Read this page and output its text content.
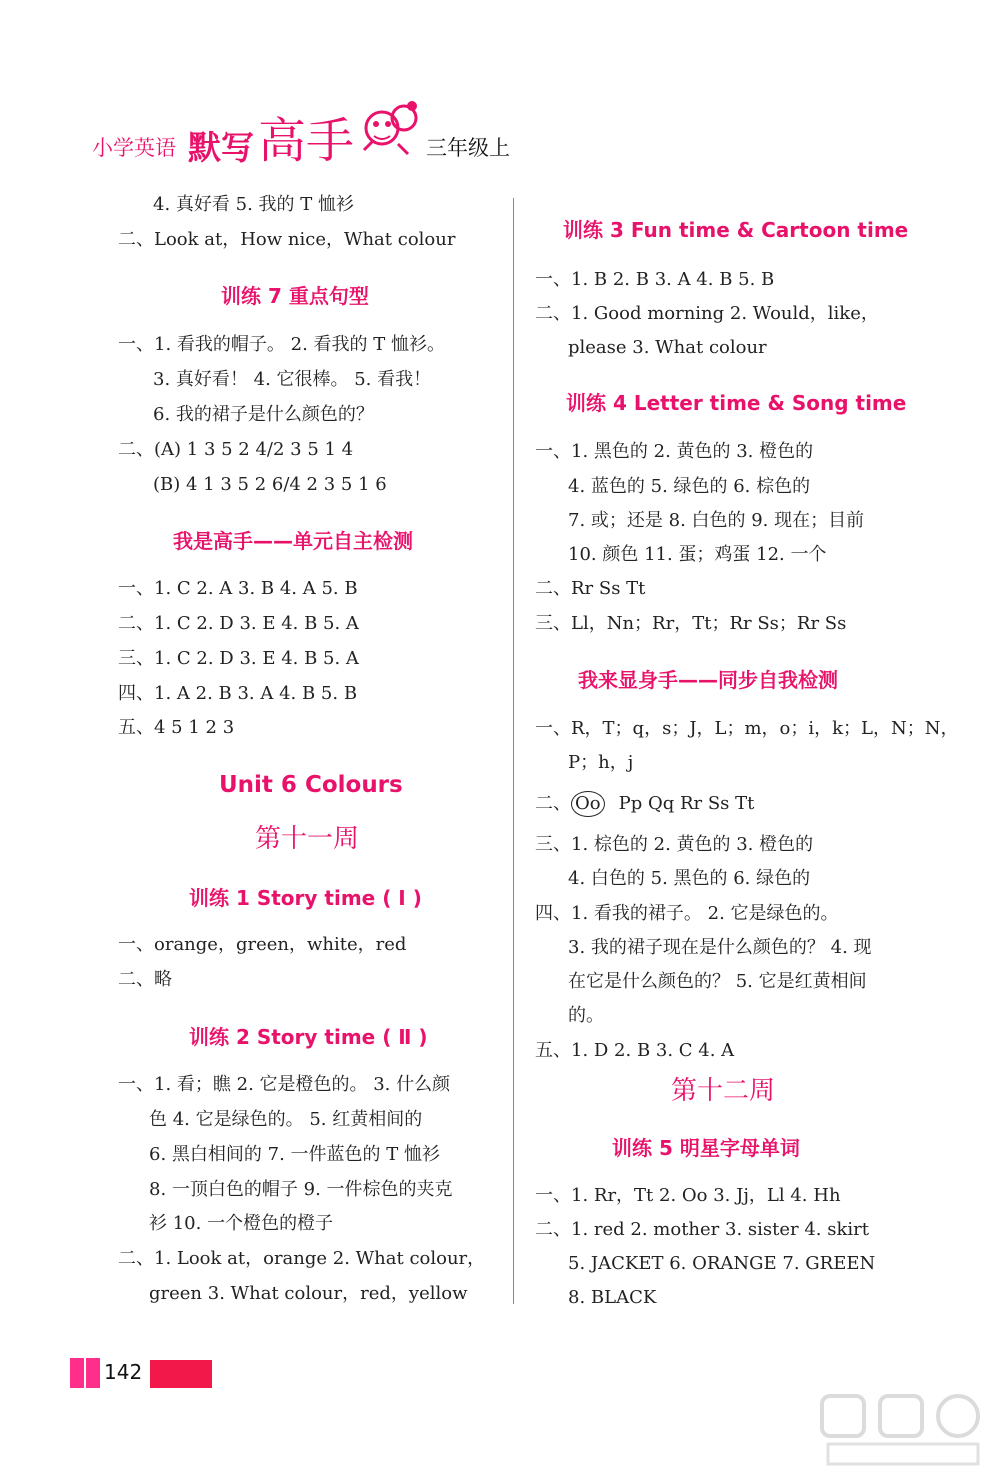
小学英语 默写 高手	三年级上
4. 真好看 5. 我的 T 恤衫
二、Look at，How nice，What colour
训练 7 重点句型
一、1. 看我的帽子。 2. 看我的 T 恤衫。
3. 真好看！ 4. 它很棒。 5. 看我！
6. 我的裙子是什么颜色的？
二、(A) 1 3 5 2 4/2 3 5 1 4
(B) 4 1 3 5 2 6/4 2 3 5 1 6
我是高手——单元自主检测
一、1. C 2. A 3. B 4. A 5. B
二、1. C 2. D 3. E 4. B 5. A
三、1. C 2. D 3. E 4. B 5. A
四、1. A 2. B 3. A 4. B 5. B
五、4 5 1 2 3
Unit 6 Colours
第十一周
训练 1 Story time ( Ⅰ )
一、orange，green，white，red
二、略
训练 2 Story time ( Ⅱ )
一、1. 看；瞧 2. 它是橙色的。 3. 什么颜
色 4. 它是绿色的。 5. 红黄相间的
6. 黑白相间的 7. 一件蓝色的 T 恤衫
8. 一顶白色的帽子 9. 一件棕色的夹克
衫 10. 一个橙色的橙子
二、1. Look at，orange 2. What colour，
green 3. What colour，red，yellow
训练 3 Fun time & Cartoon time
一、1. B 2. B 3. A 4. B 5. B
二、1. Good morning 2. Would，like，
please 3. What colour
训练 4 Letter time & Song time
一、1. 黑色的 2. 黄色的 3. 橙色的
4. 蓝色的 5. 绿色的 6. 棕色的
7. 或；还是 8. 白色的 9. 现在；目前
10. 颜色 11. 蛋；鸡蛋 12. 一个
二、Rr Ss Tt
三、Ll，Nn；Rr，Tt；Rr Ss；Rr Ss
我来显身手——同步自我检测
一、R，T；q，s；J，L；m，o；i，k；L，N；N，
P；h，j
二、 Oo Pp Qq Rr Ss Tt
三、1. 棕色的 2. 黄色的 3. 橙色的
4. 白色的 5. 黑色的 6. 绿色的
四、1. 看我的裙子。 2. 它是绿色的。
3. 我的裙子现在是什么颜色的？ 4. 现
在它是什么颜色的？ 5. 它是红黄相间
的。
五、1. D 2. B 3. C 4. A
第十二周
训练 5 明星字母单词
一、1. Rr，Tt 2. Oo 3. Jj，Ll 4. Hh
二、1. red 2. mother 3. sister 4. skirt
5. JACKET 6. ORANGE 7. GREEN
8. BLACK
142
